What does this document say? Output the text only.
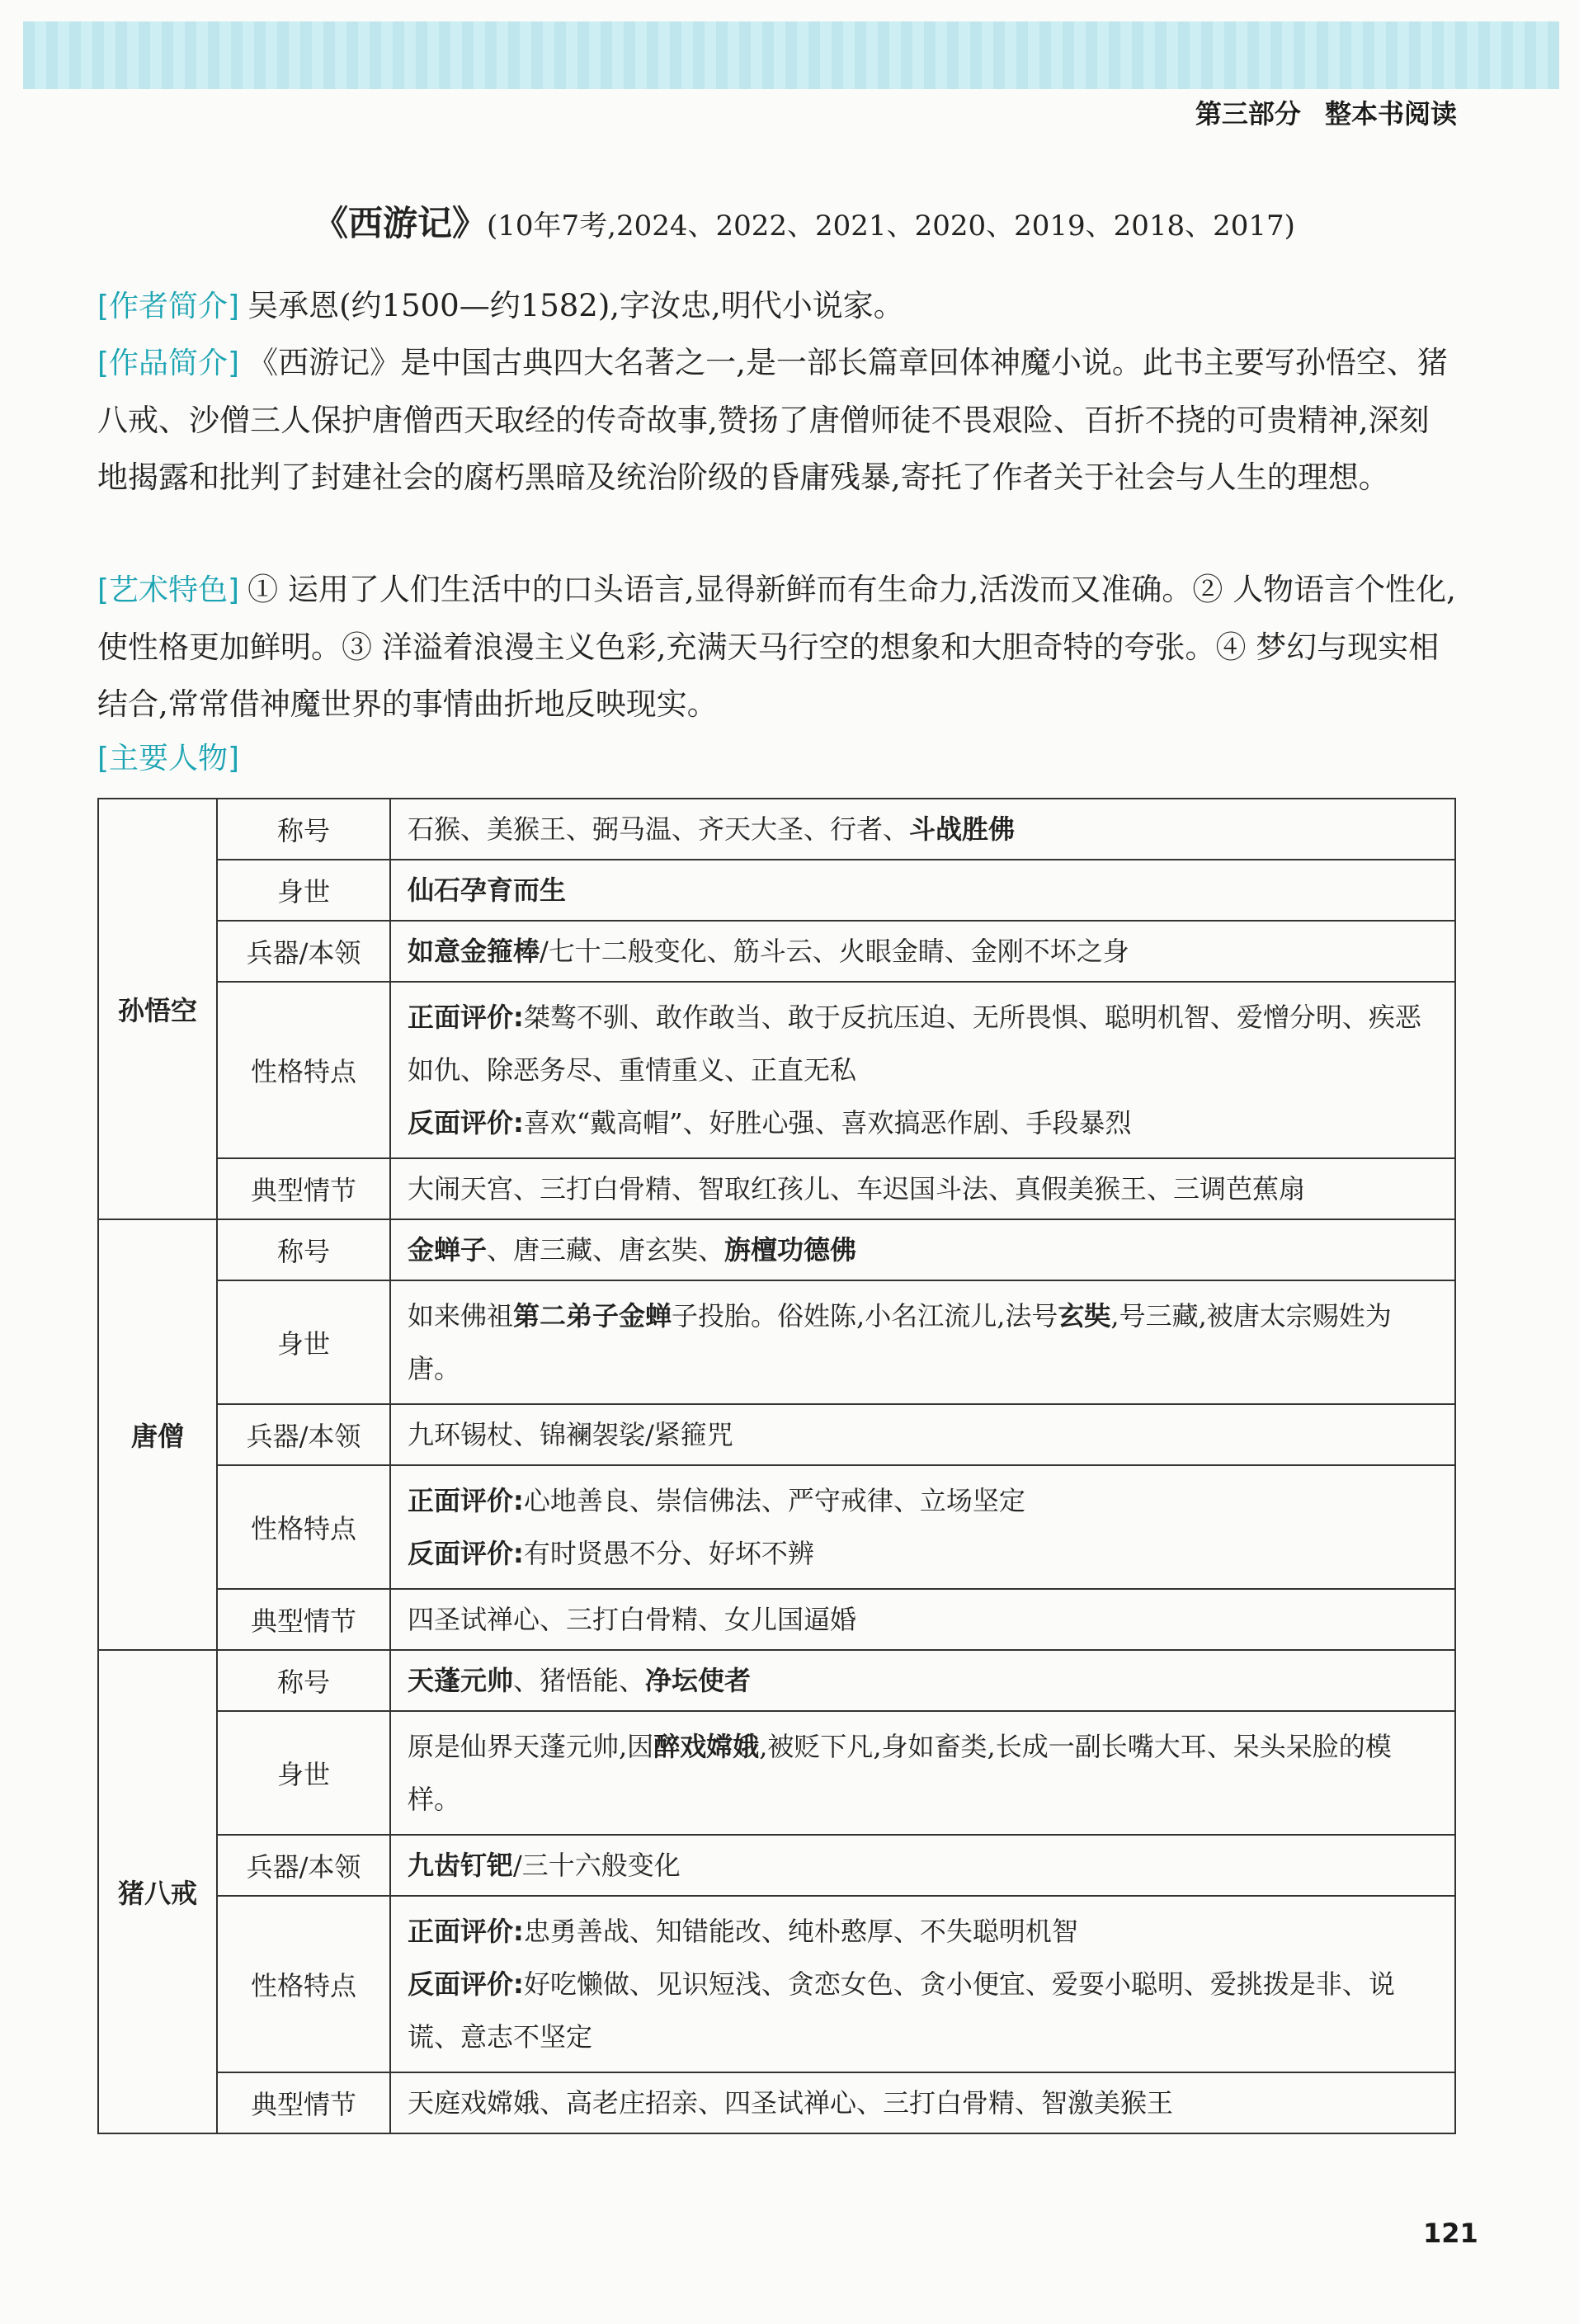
第三部分 整本书阅读
《西游记》(10年7考,2024、2022、2021、2020、2019、2018、2017)
[作者简介] 吴承恩(约1500—约1582),字汝忠,明代小说家。
[作品简介] 《西游记》是中国古典四大名著之一,是一部长篇章回体神魔小说。此书主要写孙悟空、猪八戒、沙僧三人保护唐僧西天取经的传奇故事,赞扬了唐僧师徒不畏艰险、百折不挠的可贵精神,深刻地揭露和批判了封建社会的腐朽黑暗及统治阶级的昏庸残暴,寄托了作者关于社会与人生的理想。
[艺术特色] ① 运用了人们生活中的口头语言,显得新鲜而有生命力,活泼而又准确。② 人物语言个性化,使性格更加鲜明。③ 洋溢着浪漫主义色彩,充满天马行空的想象和大胆奇特的夸张。④ 梦幻与现实相结合,常常借神魔世界的事情曲折地反映现实。
[主要人物]
孙悟空	称号	石猴、美猴王、弼马温、齐天大圣、行者、斗战胜佛
	身世	仙石孕育而生
	兵器/本领	如意金箍棒/七十二般变化、筋斗云、火眼金睛、金刚不坏之身
	性格特点	正面评价:桀骜不驯、敢作敢当、敢于反抗压迫、无所畏惧、聪明机智、爱憎分明、疾恶如仇、除恶务尽、重情重义、正直无私
反面评价:喜欢“戴高帽”、好胜心强、喜欢搞恶作剧、手段暴烈
	典型情节	大闹天宫、三打白骨精、智取红孩儿、车迟国斗法、真假美猴王、三调芭蕉扇
唐僧	称号	金蝉子、唐三藏、唐玄奘、旃檀功德佛
	身世	如来佛祖第二弟子金蝉子投胎。俗姓陈,小名江流儿,法号玄奘,号三藏,被唐太宗赐姓为唐。
	兵器/本领	九环锡杖、锦襕袈裟/紧箍咒
	性格特点	正面评价:心地善良、崇信佛法、严守戒律、立场坚定
反面评价:有时贤愚不分、好坏不辨
	典型情节	四圣试禅心、三打白骨精、女儿国逼婚
猪八戒	称号	天蓬元帅、猪悟能、净坛使者
	身世	原是仙界天蓬元帅,因醉戏嫦娥,被贬下凡,身如畜类,长成一副长嘴大耳、呆头呆脸的模样。
	兵器/本领	九齿钉钯/三十六般变化
	性格特点	正面评价:忠勇善战、知错能改、纯朴憨厚、不失聪明机智
反面评价:好吃懒做、见识短浅、贪恋女色、贪小便宜、爱耍小聪明、爱挑拨是非、说谎、意志不坚定
	典型情节	天庭戏嫦娥、高老庄招亲、四圣试禅心、三打白骨精、智激美猴王
121
